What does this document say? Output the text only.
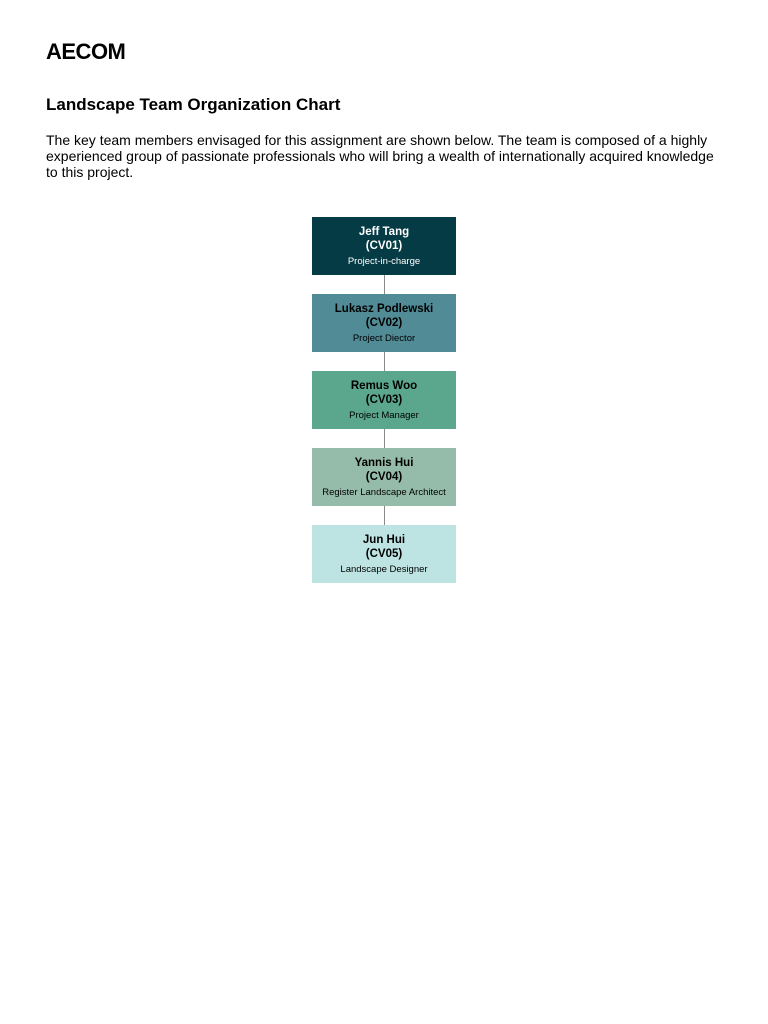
AECOM
Landscape Team Organization Chart

The key team members envisaged for this assignment are shown below. The team is composed of a highly experienced group of passionate professionals who will bring a wealth of internationally acquired knowledge to this project.

Jeff Tang
(CV01)
Project-in-charge
Lukasz Podlewski
(CV02)
Project Diector
Remus Woo
(CV03)
Project Manager
Yannis Hui
(CV04)
Register Landscape Architect
Jun Hui
(CV05)
Landscape Designer
